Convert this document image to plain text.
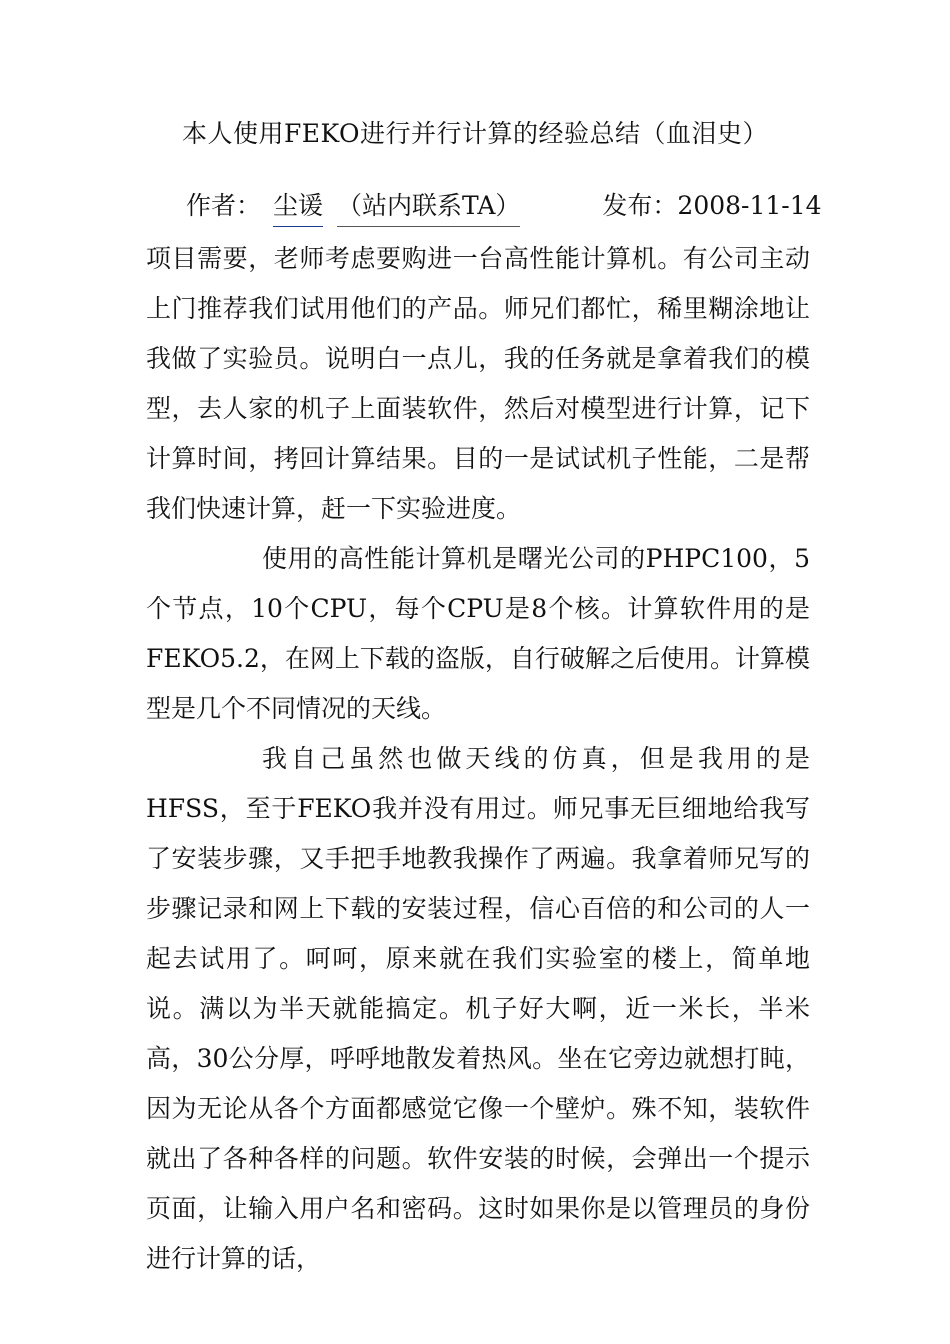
本人使用FEKO进行并行计算的经验总结（血泪史）
作者： 尘谖 （站内联系TA）	发布：2008-11-14

项目需要，老师考虑要购进一台高性能计算机。有公司主动上门推荐我们试用他们的产品。师兄们都忙，稀里糊涂地让我做了实验员。说明白一点儿，我的任务就是拿着我们的模型，去人家的机子上面装软件，然后对模型进行计算，记下计算时间，拷回计算结果。目的一是试试机子性能，二是帮我们快速计算，赶一下实验进度。

使用的高性能计算机是曙光公司的PHPC100，5个节点，10个CPU，每个CPU是8个核。计算软件用的是FEKO5.2，在网上下载的盗版，自行破解之后使用。计算模型是几个不同情况的天线。

我自己虽然也做天线的仿真，但是我用的是HFSS，至于FEKO我并没有用过。师兄事无巨细地给我写了安装步骤，又手把手地教我操作了两遍。我拿着师兄写的步骤记录和网上下载的安装过程，信心百倍的和公司的人一起去试用了。呵呵，原来就在我们实验室的楼上，简单地说。满以为半天就能搞定。机子好大啊，近一米长，半米高，30公分厚，呼呼地散发着热风。坐在它旁边就想打盹，因为无论从各个方面都感觉它像一个壁炉。殊不知，装软件就出了各种各样的问题。软件安装的时候，会弹出一个提示页面，让输入用户名和密码。这时如果你是以管理员的身份进行计算的话，
